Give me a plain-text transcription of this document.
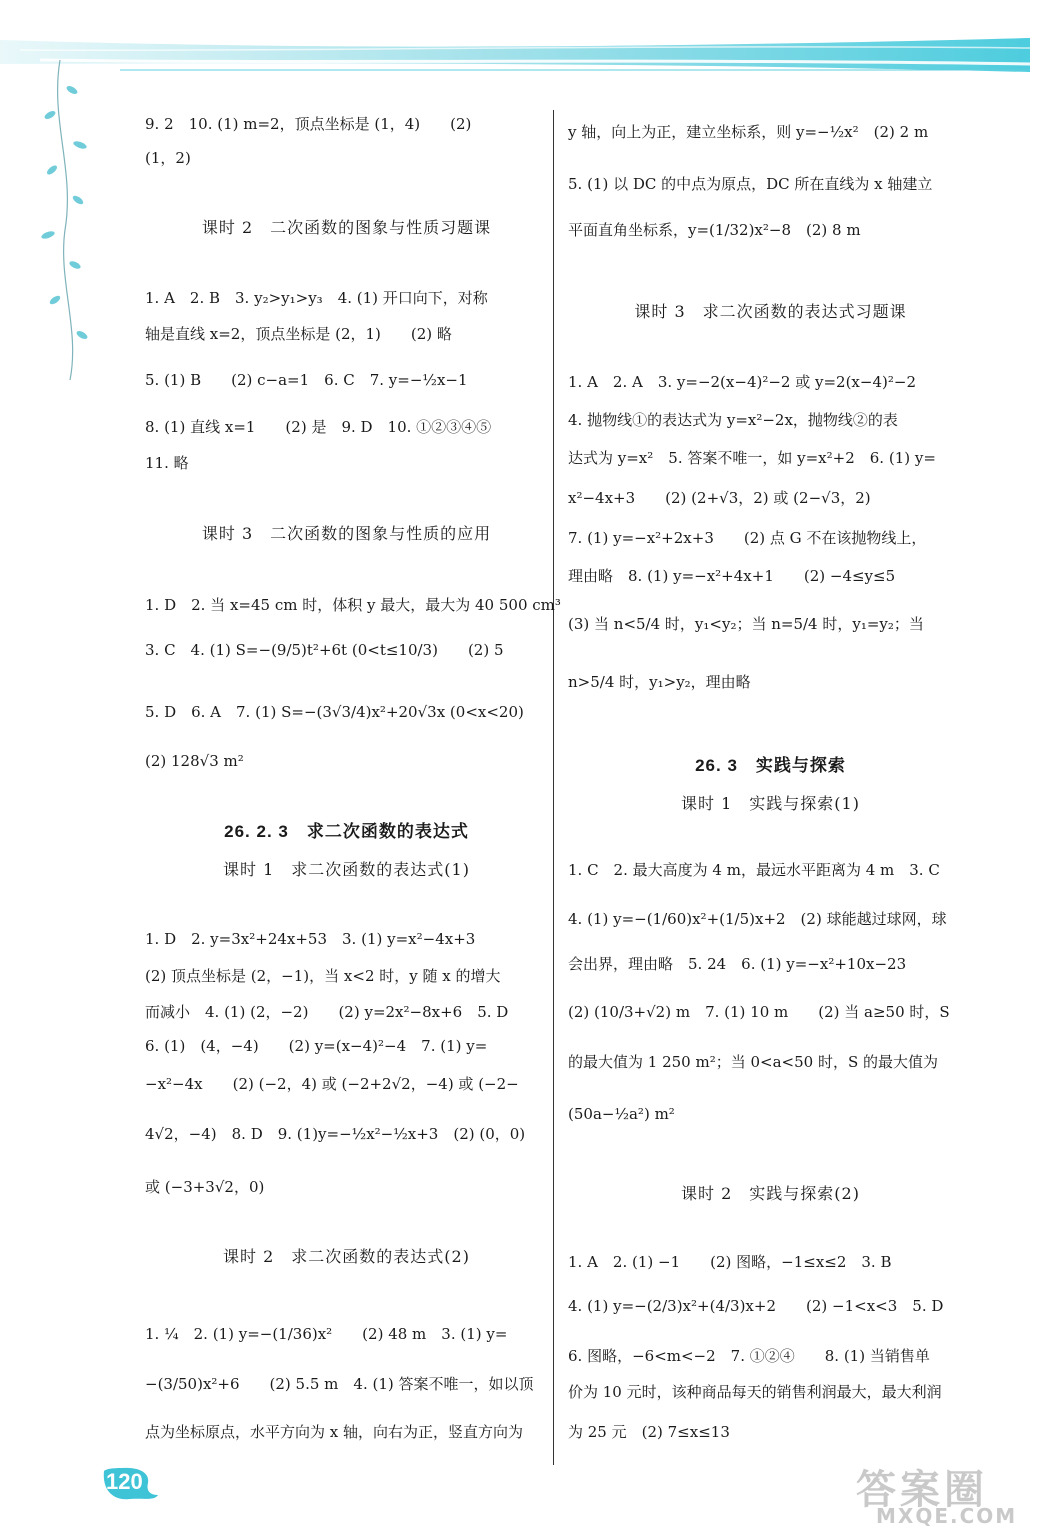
9. 2　10. (1) m=2，顶点坐标是 (1，4)　　(2)
(1，2)
课时 2　二次函数的图象与性质习题课
1. A　2. B　3. y₂>y₁>y₃　4. (1) 开口向下，对称
轴是直线 x=2，顶点坐标是 (2，1)　　(2) 略
5. (1) B　　(2) c−a=1　6. C　7. y=−½x−1
8. (1) 直线 x=1　　(2) 是　9. D　10. ①②③④⑤
11. 略
课时 3　二次函数的图象与性质的应用
1. D　2. 当 x=45 cm 时，体积 y 最大，最大为 40 500 cm³
3. C　4. (1) S=−(9/5)t²+6t (0<t≤10/3)　　(2) 5
5. D　6. A　7. (1) S=−(3√3/4)x²+20√3x (0<x<20)
(2) 128√3 m²
26. 2. 3　求二次函数的表达式
课时 1　求二次函数的表达式(1)
1. D　2. y=3x²+24x+53　3. (1) y=x²−4x+3
(2) 顶点坐标是 (2，−1)，当 x<2 时，y 随 x 的增大
而减小　4. (1) (2，−2)　　(2) y=2x²−8x+6　5. D
6. (1)　(4，−4)　　(2) y=(x−4)²−4　7. (1) y=
−x²−4x　　(2) (−2，4) 或 (−2+2√2，−4) 或 (−2−
4√2，−4)　8. D　9. (1)y=−½x²−½x+3　(2) (0，0)
或 (−3+3√2，0)
课时 2　求二次函数的表达式(2)
1. ¼　2. (1) y=−(1/36)x²　　(2) 48 m　3. (1) y=
−(3/50)x²+6　　(2) 5.5 m　4. (1) 答案不唯一，如以顶
点为坐标原点，水平方向为 x 轴，向右为正，竖直方向为
y 轴，向上为正，建立坐标系，则 y=−½x²　(2) 2 m
5. (1) 以 DC 的中点为原点，DC 所在直线为 x 轴建立
平面直角坐标系，y=(1/32)x²−8　(2) 8 m
课时 3　求二次函数的表达式习题课
1. A　2. A　3. y=−2(x−4)²−2 或 y=2(x−4)²−2
4. 抛物线①的表达式为 y=x²−2x，抛物线②的表
达式为 y=x²　5. 答案不唯一，如 y=x²+2　6. (1) y=
x²−4x+3　　(2) (2+√3，2) 或 (2−√3，2)
7. (1) y=−x²+2x+3　　(2) 点 G 不在该抛物线上，
理由略　8. (1) y=−x²+4x+1　　(2) −4≤y≤5
(3) 当 n<5/4 时，y₁<y₂；当 n=5/4 时，y₁=y₂；当
n>5/4 时，y₁>y₂，理由略
26. 3　实践与探索
课时 1　实践与探索(1)
1. C　2. 最大高度为 4 m，最远水平距离为 4 m　3. C
4. (1) y=−(1/60)x²+(1/5)x+2　(2) 球能越过球网，球
会出界，理由略　5. 24　6. (1) y=−x²+10x−23
(2) (10/3+√2) m　7. (1) 10 m　　(2) 当 a≥50 时，S
的最大值为 1 250 m²；当 0<a<50 时，S 的最大值为
(50a−½a²) m²
课时 2　实践与探索(2)
1. A　2. (1) −1　　(2) 图略，−1≤x≤2　3. B
4. (1) y=−(2/3)x²+(4/3)x+2　　(2) −1<x<3　5. D
6. 图略，−6<m<−2　7. ①②④　　8. (1) 当销售单
价为 10 元时，该种商品每天的销售利润最大，最大利润
为 25 元　(2) 7≤x≤13
120	答案圈
MXQE.COM
